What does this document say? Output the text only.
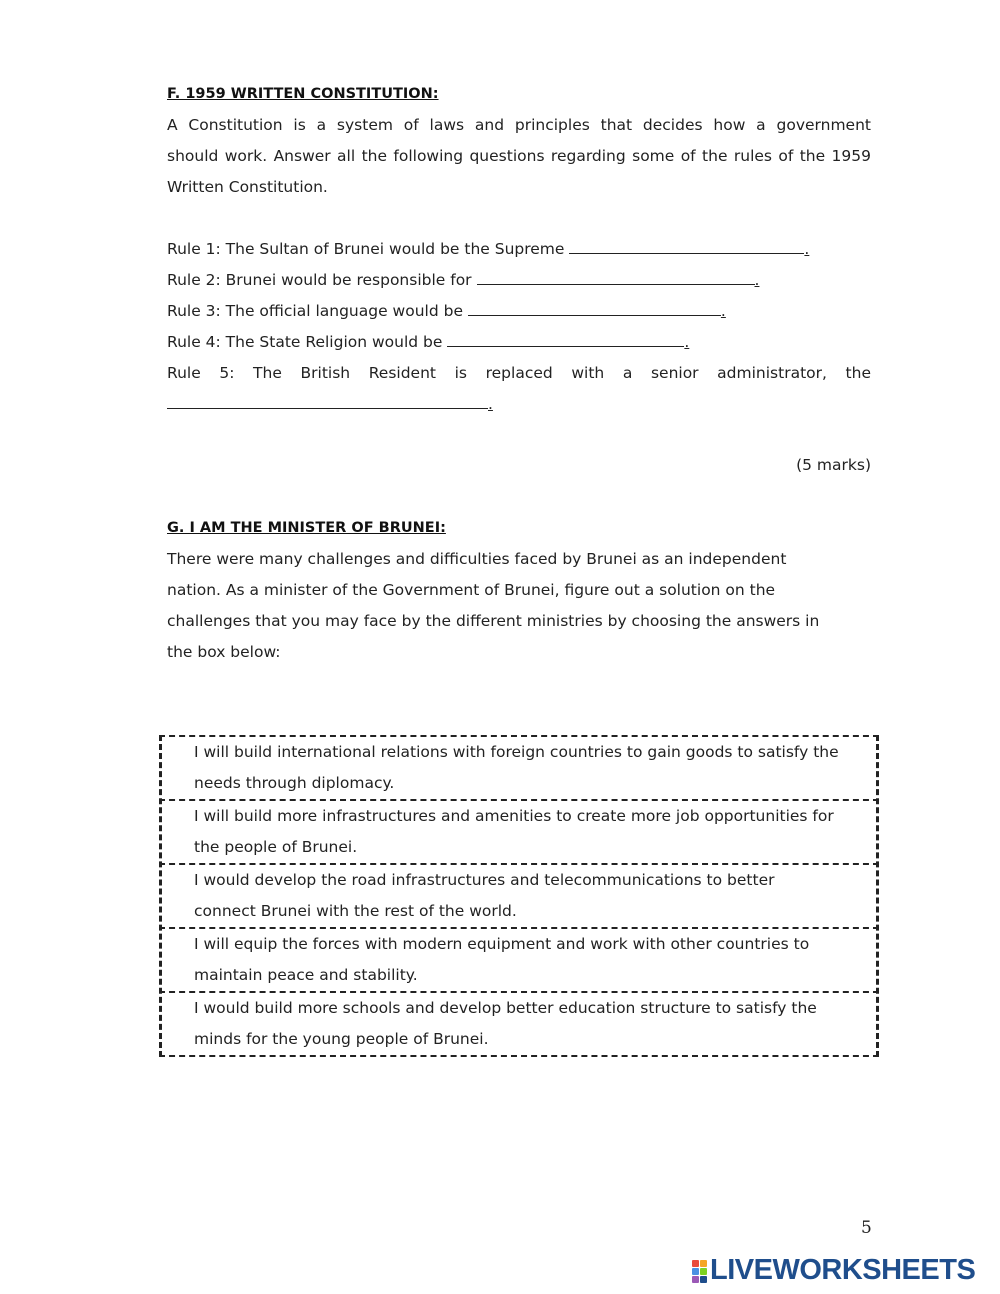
F. 1959 WRITTEN CONSTITUTION:
A Constitution is a system of laws and principles that decides how a government
should work. Answer all the following questions regarding some of the rules of the 1959
Written Constitution.
Rule 1: The Sultan of Brunei would be the Supreme	.
Rule 2: Brunei would be responsible for	.
Rule 3: The official language would be	.
Rule 4: The State Religion would be	.
Rule 5: The British Resident is replaced with a senior administrator, the
.
(5 marks)
G. I AM THE MINISTER OF BRUNEI:
There were many challenges and difficulties faced by Brunei as an independent
nation. As a minister of the Government of Brunei, figure out a solution on the
challenges that you may face by the different ministries by choosing the answers in
the box below:
I will build international relations with foreign countries to gain goods to satisfy the
needs through diplomacy.
I will build more infrastructures and amenities to create more job opportunities for
the people of Brunei.
I would develop the road infrastructures and telecommunications to better
connect Brunei with the rest of the world.
I will equip the forces with modern equipment and work with other countries to
maintain peace and stability.
I would build more schools and develop better education structure to satisfy the
minds for the young people of Brunei.
5
LIVEWORKSHEETS
